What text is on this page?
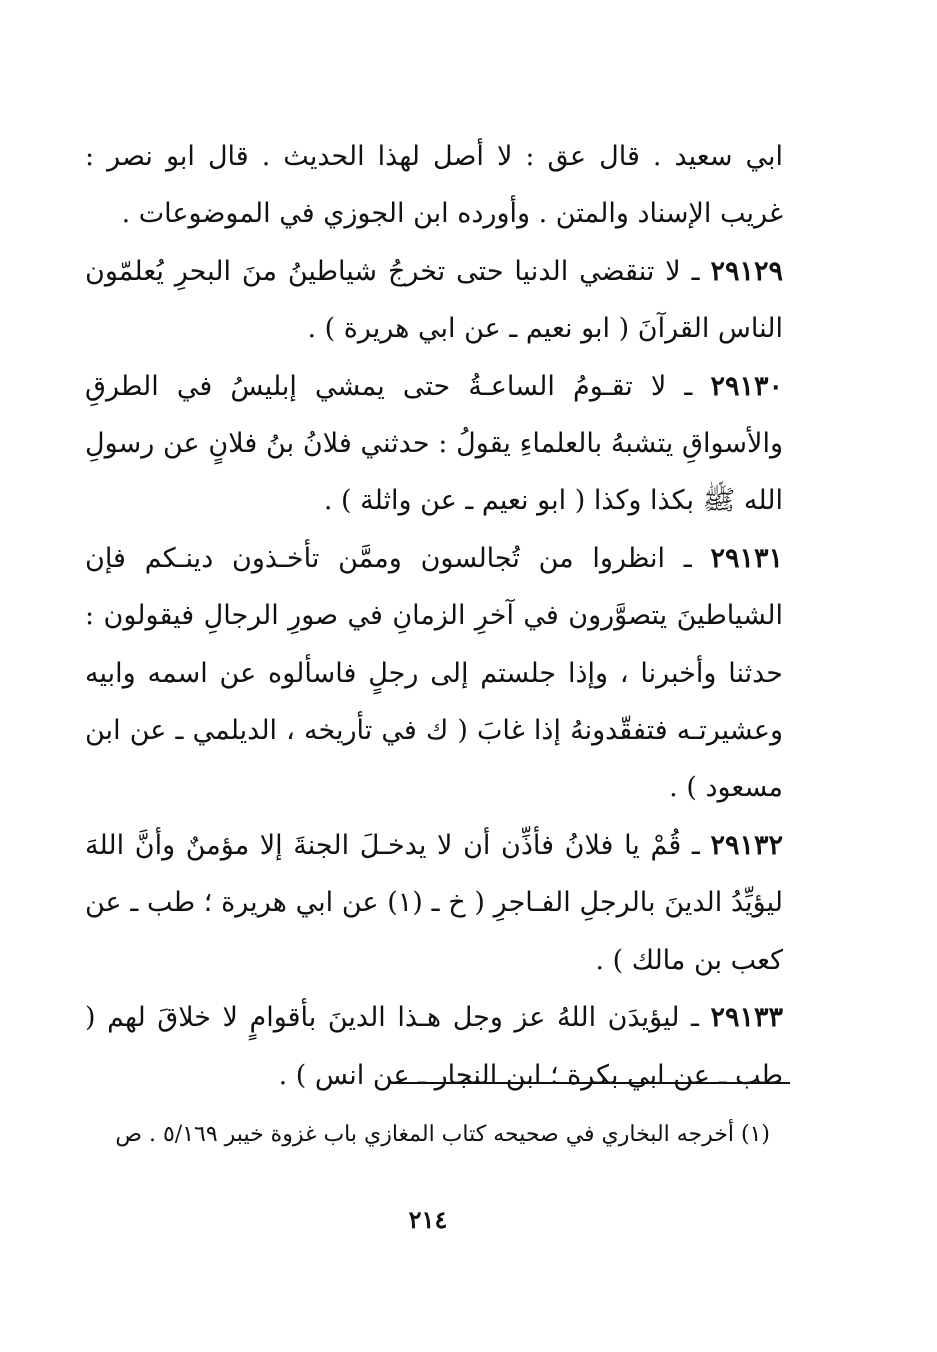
ابي سعيد . قال عق : لا أصل لهذا الحديث . قال ابو نصر : غريب الإسناد والمتن . وأورده ابن الجوزي في الموضوعات .

٢٩١٢٩ ـ لا تنقضي الدنيا حتى تخرجُ شياطينُ منَ البحرِ يُعلمّون الناس القرآنَ ( ابو نعيم ـ عن ابي هريرة ) .

٢٩١٣٠ ـ لا تقـومُ الساعـةُ حتى يمشي إبليسُ في الطرقِ والأسواقِ يتشبهُ بالعلماءِ يقولُ : حدثني فلانُ بنُ فلانٍ عن رسولِ الله ﷺ بكذا وكذا ( ابو نعيم ـ عن واثلة ) .

٢٩١٣١ ـ انظروا من تُجالسون وممَّن تأخـذون دينـكم فإن الشياطينَ يتصوَّرون في آخرِ الزمانِ في صورِ الرجالِ فيقولون : حدثنا وأخبرنا ، وإذا جلستم إلى رجلٍ فاسألوه عن اسمه وابيه وعشيرتـه فتفقّدونهُ إذا غابَ ( ك في تأريخه ، الديلمي ـ عن ابن مسعود ) .

٢٩١٣٢ ـ قُمْ يا فلانُ فأذِّن أن لا يدخـلَ الجنةَ إلا مؤمنٌ وأنَّ اللهَ ليؤيِّدُ الدينَ بالرجلِ الفـاجرِ ( خ ـ (١) عن ابي هريرة ؛ طب ـ عن كعب بن مالك ) .

٢٩١٣٣ ـ ليؤيدَن اللهُ عز وجل هـذا الدينَ بأقوامٍ لا خلاقَ لهم ( طب ـ عن ابي بكرة ؛ ابن النجار ـ عن انس ) .

(١) أخرجه البخاري في صحيحه كتاب المغازي باب غزوة خيبر ٥/١٦٩ . ص
٢١٤
